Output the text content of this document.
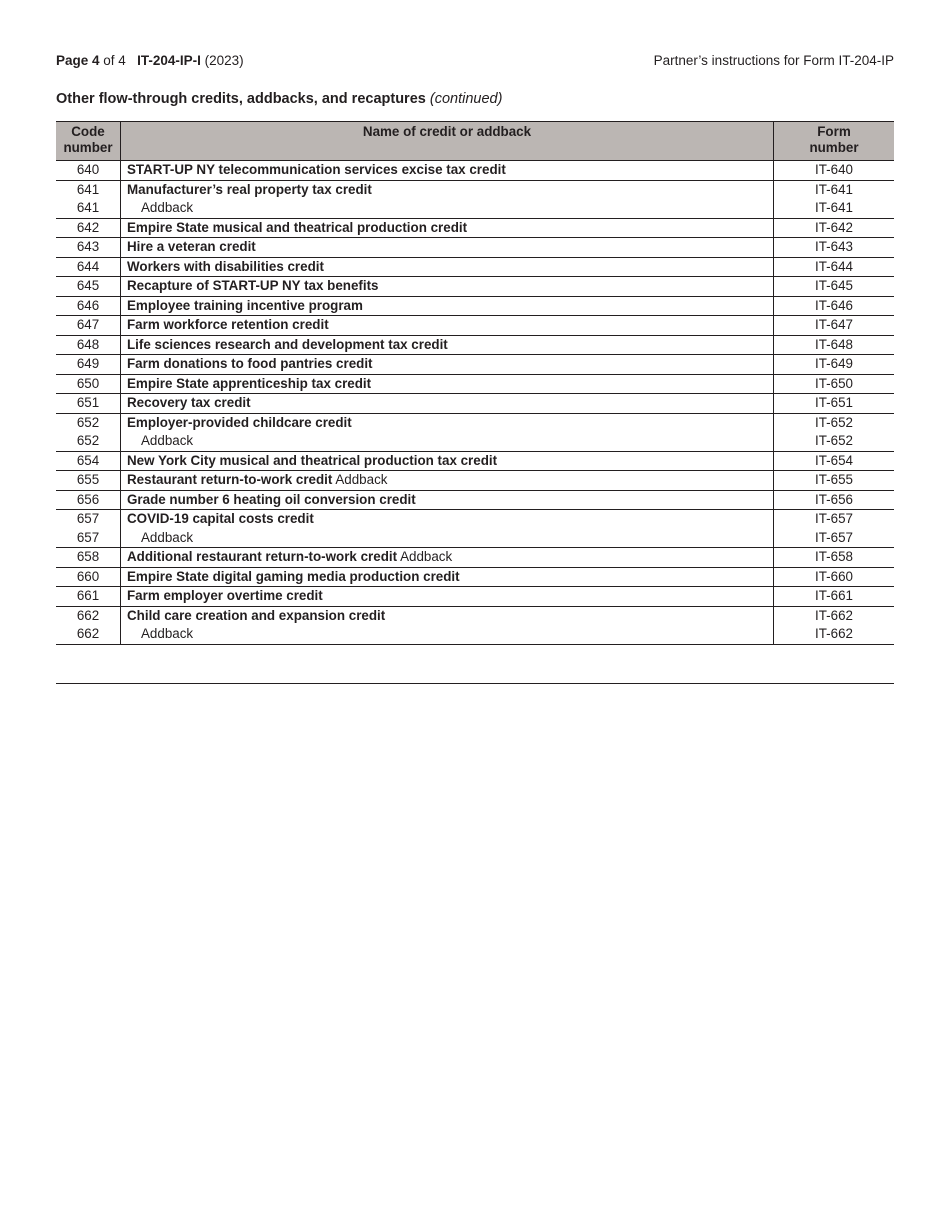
Page 4 of 4 IT-204-IP-I (2023)	Partner’s instructions for Form IT-204-IP
Other flow-through credits, addbacks, and recaptures (continued)
Code
number	Name of credit or addback	Form
number
640	START-UP NY telecommunication services excise tax credit	IT-640
641	Manufacturer’s real property tax credit	IT-641
641	Addback	IT-641
642	Empire State musical and theatrical production credit	IT-642
643	Hire a veteran credit	IT-643
644	Workers with disabilities credit	IT-644
645	Recapture of START-UP NY tax benefits	IT-645
646	Employee training incentive program	IT-646
647	Farm workforce retention credit	IT-647
648	Life sciences research and development tax credit	IT-648
649	Farm donations to food pantries credit	IT-649
650	Empire State apprenticeship tax credit	IT-650
651	Recovery tax credit	IT-651
652	Employer-provided childcare credit	IT-652
652	Addback	IT-652
654	New York City musical and theatrical production tax credit	IT-654
655	Restaurant return-to-work credit Addback	IT-655
656	Grade number 6 heating oil conversion credit	IT-656
657	COVID-19 capital costs credit	IT-657
657	Addback	IT-657
658	Additional restaurant return-to-work credit Addback	IT-658
660	Empire State digital gaming media production credit	IT-660
661	Farm employer overtime credit	IT-661
662	Child care creation and expansion credit	IT-662
662	Addback	IT-662
